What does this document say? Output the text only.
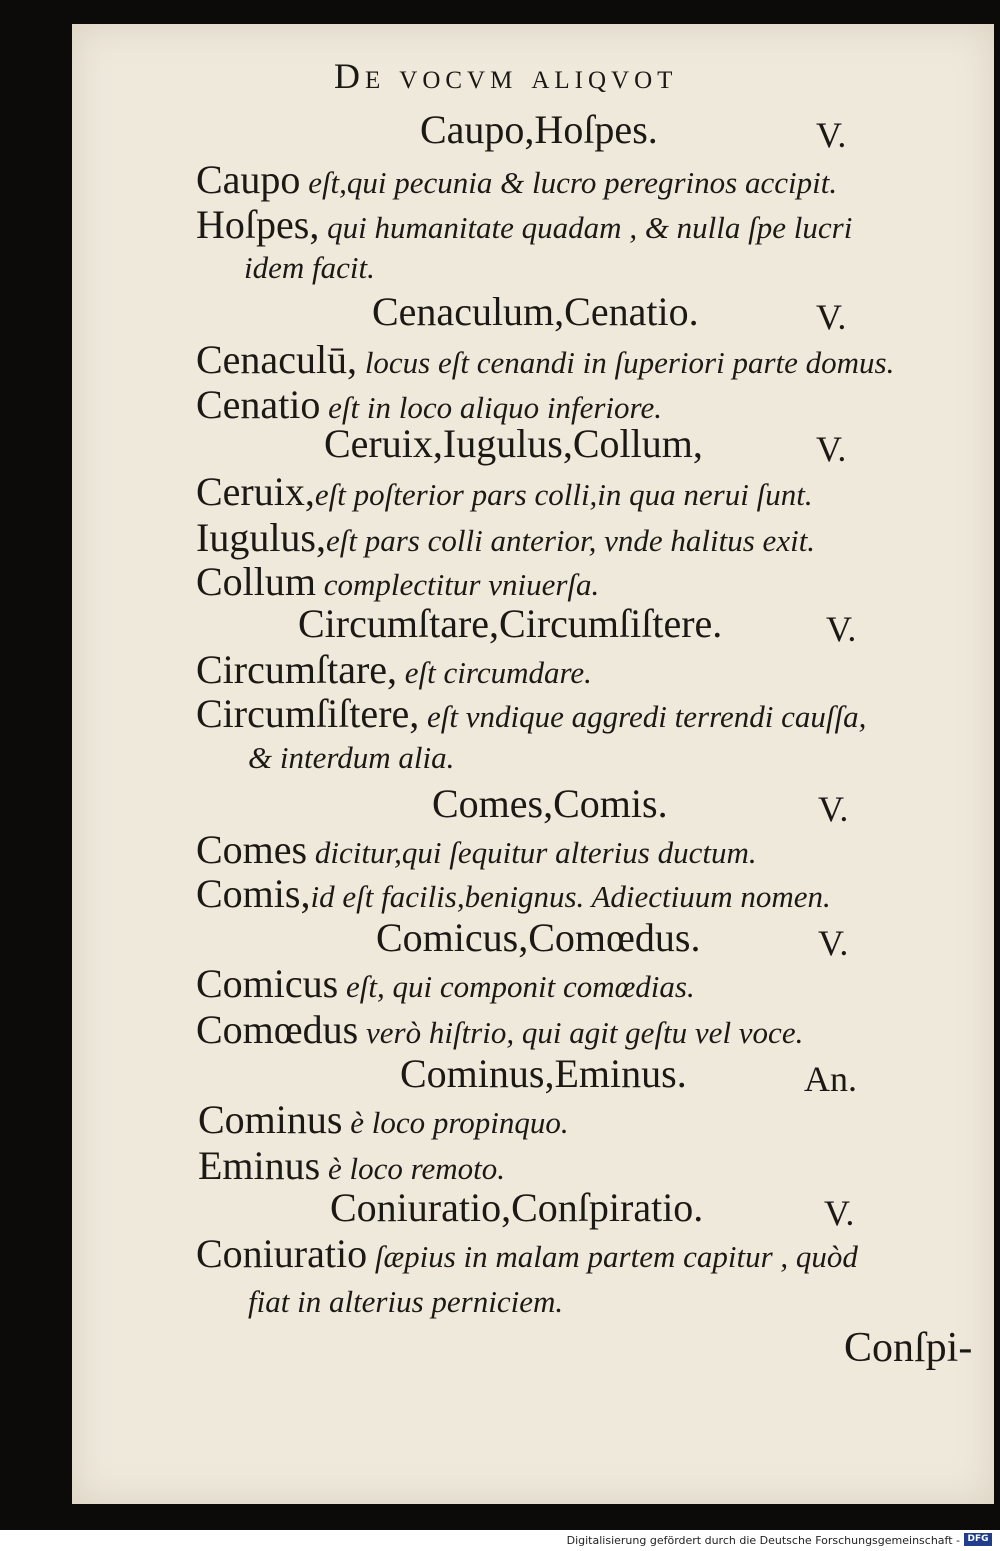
De vocvm aliqvot
Caupo,Hoſpes.	V.
Caupo eſt,qui pecunia & lucro peregrinos accipit.
Hoſpes, qui humanitate quadam , & nulla ſpe lucri
idem facit.
Cenaculum,Cenatio.	V.
Cenaculū, locus eſt cenandi in ſuperiori parte domus.
Cenatio eſt in loco aliquo inferiore.
Ceruix,Iugulus,Collum,	V.
Ceruix,eſt poſterior pars colli,in qua nerui ſunt.
Iugulus,eſt pars colli anterior, vnde halitus exit.
Collum complectitur vniuerſa.
Circumſtare,Circumſiſtere.	V.
Circumſtare, eſt circumdare.
Circumſiſtere, eſt vndique aggredi terrendi cauſſa,
& interdum alia.
Comes,Comis.	V.
Comes dicitur,qui ſequitur alterius ductum.
Comis,id eſt facilis,benignus. Adiectiuum nomen.
Comicus,Comœdus.	V.
Comicus eſt, qui componit comœdias.
Comœdus verò hiſtrio, qui agit geſtu vel voce.
Cominus,Eminus.	An.
Cominus è loco propinquo.
Eminus è loco remoto.
Coniuratio,Conſpiratio.	V.
Coniuratio ſæpius in malam partem capitur , quòd
fiat in alterius perniciem.
Conſpi-
Digitalisierung gefördert durch die Deutsche Forschungsgemeinschaft - DFG
